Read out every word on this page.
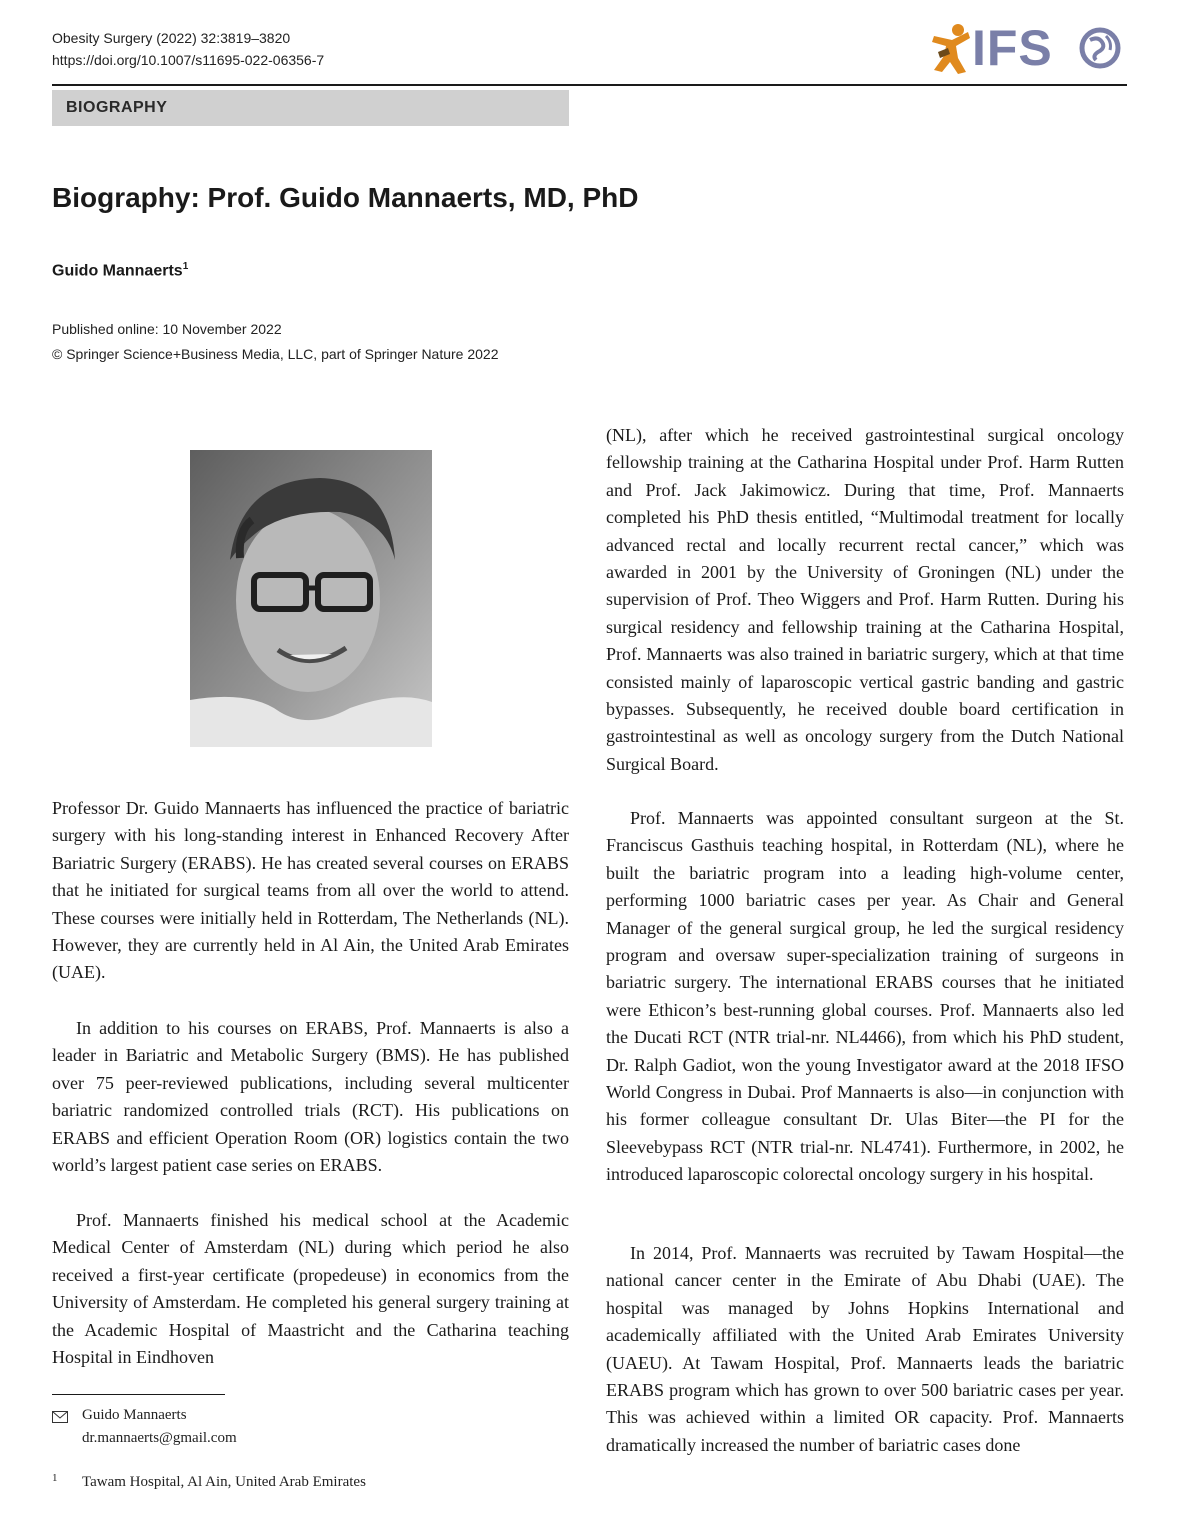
Obesity Surgery (2022) 32:3819–3820
https://doi.org/10.1007/s11695-022-06356-7	IFS
BIOGRAPHY
Biography: Prof. Guido Mannaerts, MD, PhD
Guido Mannaerts$^1$
Published online: 10 November 2022
© Springer Science+Business Media, LLC, part of Springer Nature 2022

Professor Dr. Guido Mannaerts has influenced the practice of bariatric surgery with his long-standing interest in Enhanced Recovery After Bariatric Surgery (ERABS). He has created several courses on ERABS that he initiated for surgical teams from all over the world to attend. These courses were initially held in Rotterdam, The Netherlands (NL). However, they are currently held in Al Ain, the United Arab Emirates (UAE).

In addition to his courses on ERABS, Prof. Mannaerts is also a leader in Bariatric and Metabolic Surgery (BMS). He has published over 75 peer-reviewed publications, including several multicenter bariatric randomized controlled trials (RCT). His publications on ERABS and efficient Operation Room (OR) logistics contain the two world’s largest patient case series on ERABS.

Prof. Mannaerts finished his medical school at the Academic Medical Center of Amsterdam (NL) during which period he also received a first-year certificate (propedeuse) in economics from the University of Amsterdam. He completed his general surgery training at the Academic Hospital of Maastricht and the Catharina teaching Hospital in Eindhoven

(NL), after which he received gastrointestinal surgical oncology fellowship training at the Catharina Hospital under Prof. Harm Rutten and Prof. Jack Jakimowicz. During that time, Prof. Mannaerts completed his PhD thesis entitled, “Multimodal treatment for locally advanced rectal and locally recurrent rectal cancer,” which was awarded in 2001 by the University of Groningen (NL) under the supervision of Prof. Theo Wiggers and Prof. Harm Rutten. During his surgical residency and fellowship training at the Catharina Hospital, Prof. Mannaerts was also trained in bariatric surgery, which at that time consisted mainly of laparoscopic vertical gastric banding and gastric bypasses. Subsequently, he received double board certification in gastrointestinal as well as oncology surgery from the Dutch National Surgical Board.

Prof. Mannaerts was appointed consultant surgeon at the St. Franciscus Gasthuis teaching hospital, in Rotterdam (NL), where he built the bariatric program into a leading high-volume center, performing 1000 bariatric cases per year. As Chair and General Manager of the general surgical group, he led the surgical residency program and oversaw super-specialization training of surgeons in bariatric surgery. The international ERABS courses that he initiated were Ethicon’s best-running global courses. Prof. Mannaerts also led the Ducati RCT (NTR trial-nr. NL4466), from which his PhD student, Dr. Ralph Gadiot, won the young Investigator award at the 2018 IFSO World Congress in Dubai. Prof Mannaerts is also—in conjunction with his former colleague consultant Dr. Ulas Biter—the PI for the Sleevebypass RCT (NTR trial-nr. NL4741). Furthermore, in 2002, he introduced laparoscopic colorectal oncology surgery in his hospital.

In 2014, Prof. Mannaerts was recruited by Tawam Hospital—the national cancer center in the Emirate of Abu Dhabi (UAE). The hospital was managed by Johns Hopkins International and academically affiliated with the United Arab Emirates University (UAEU). At Tawam Hospital, Prof. Mannaerts leads the bariatric ERABS program which has grown to over 500 bariatric cases per year. This was achieved within a limited OR capacity. Prof. Mannaerts dramatically increased the number of bariatric cases done

Guido Mannaerts
dr.mannaerts@gmail.com
1 Tawam Hospital, Al Ain, United Arab Emirates
